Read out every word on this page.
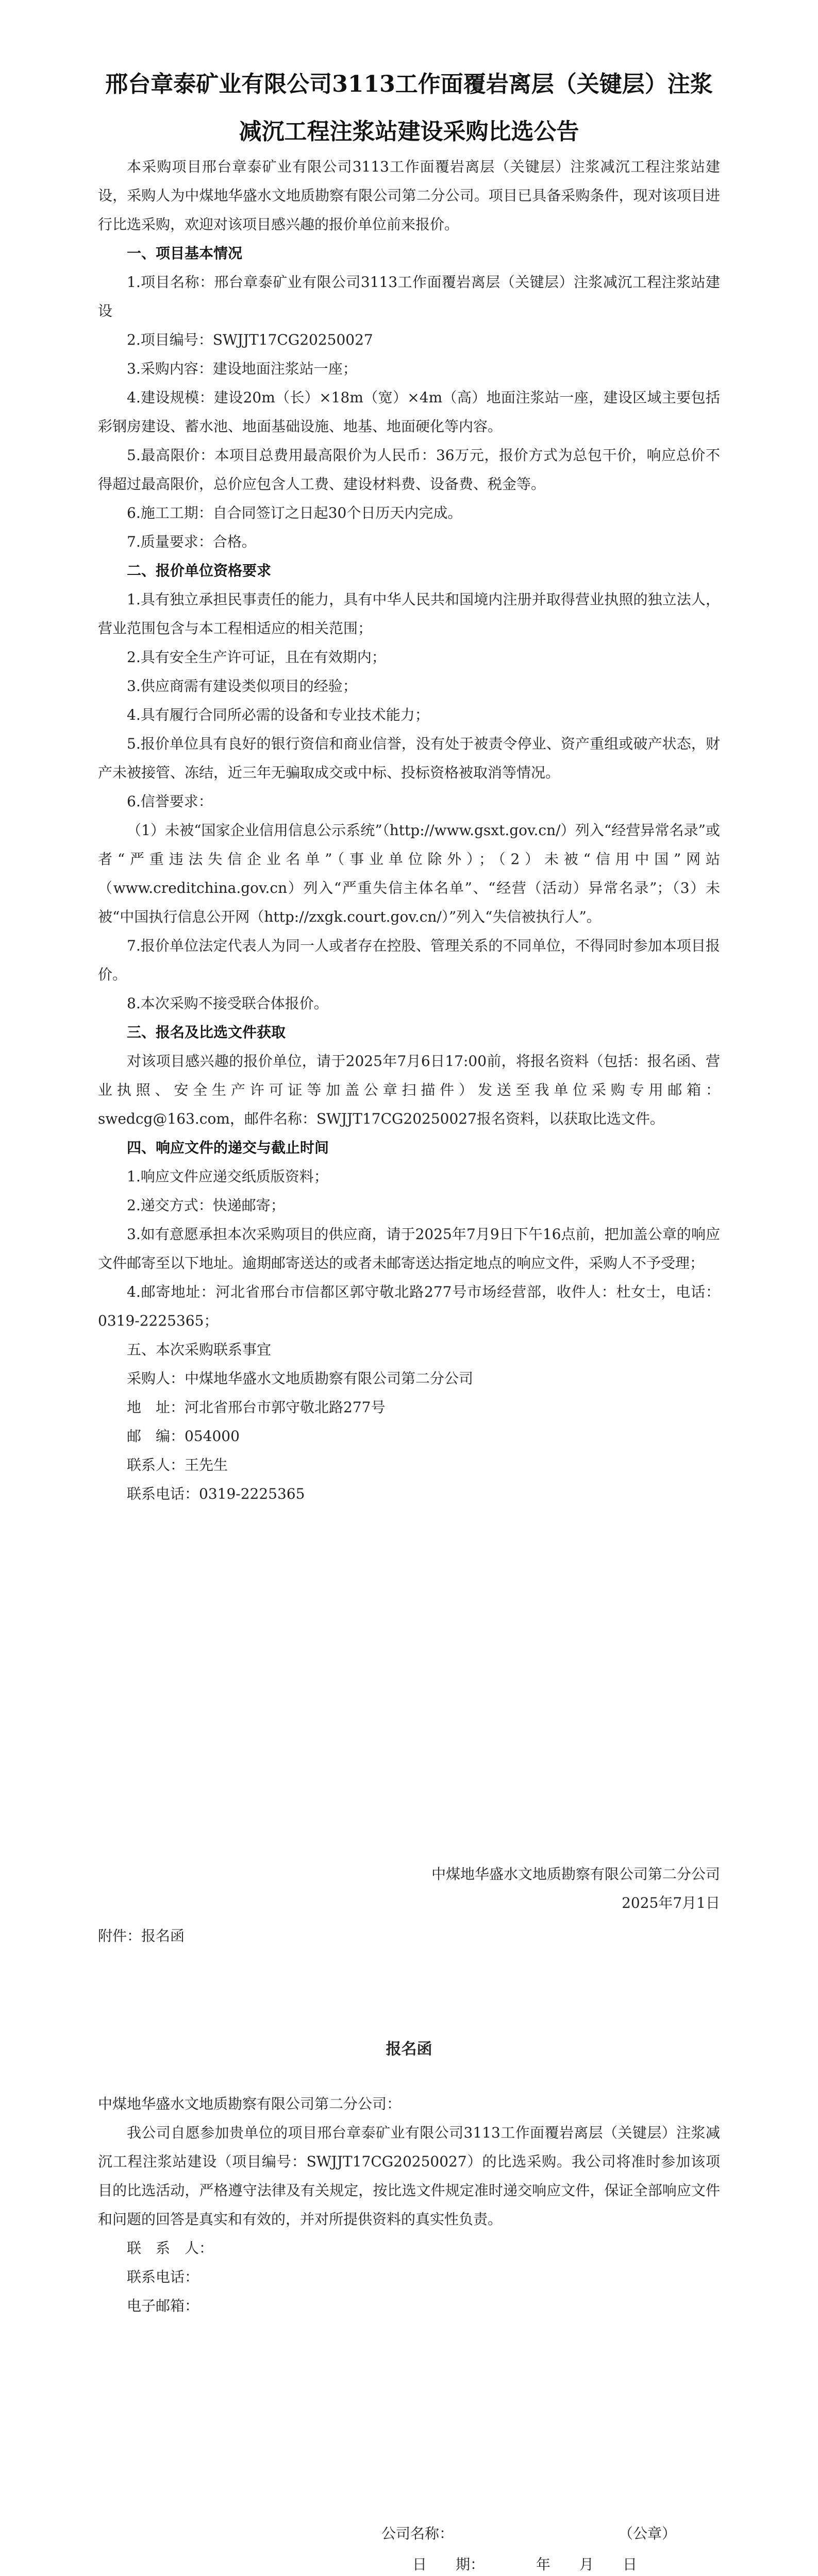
邢台章泰矿业有限公司3113工作面覆岩离层（关键层）注浆减沉工程注浆站建设采购比选公告

本采购项目邢台章泰矿业有限公司3113工作面覆岩离层（关键层）注浆减沉工程注浆站建设，采购人为中煤地华盛水文地质勘察有限公司第二分公司。项目已具备采购条件，现对该项目进行比选采购，欢迎对该项目感兴趣的报价单位前来报价。

一、项目基本情况

1.项目名称：邢台章泰矿业有限公司3113工作面覆岩离层（关键层）注浆减沉工程注浆站建设

2.项目编号：SWJJT17CG20250027

3.采购内容：建设地面注浆站一座；

4.建设规模：建设20m（长）×18m（宽）×4m（高）地面注浆站一座，建设区域主要包括彩钢房建设、蓄水池、地面基础设施、地基、地面硬化等内容。

5.最高限价：本项目总费用最高限价为人民币：36万元，报价方式为总包干价，响应总价不得超过最高限价，总价应包含人工费、建设材料费、设备费、税金等。

6.施工工期：自合同签订之日起30个日历天内完成。

7.质量要求：合格。

二、报价单位资格要求

1.具有独立承担民事责任的能力，具有中华人民共和国境内注册并取得营业执照的独立法人，营业范围包含与本工程相适应的相关范围；

2.具有安全生产许可证，且在有效期内；

3.供应商需有建设类似项目的经验；

4.具有履行合同所必需的设备和专业技术能力；

5.报价单位具有良好的银行资信和商业信誉，没有处于被责令停业、资产重组或破产状态，财产未被接管、冻结，近三年无骗取成交或中标、投标资格被取消等情况。

6.信誉要求：

（1）未被“国家企业信用信息公示系统”（http://www.gsxt.gov.cn/）列入“经营异常名录”或者“严重违法失信企业名单”（事业单位除外）；（2）未被“信用中国”网站（www.creditchina.gov.cn）列入“严重失信主体名单”、“经营（活动）异常名录”；（3）未被“中国执行信息公开网（http://zxgk.court.gov.cn/）”列入“失信被执行人”。

7.报价单位法定代表人为同一人或者存在控股、管理关系的不同单位，不得同时参加本项目报价。

8.本次采购不接受联合体报价。

三、报名及比选文件获取

对该项目感兴趣的报价单位，请于2025年7月6日17:00前，将报名资料（包括：报名函、营业执照、安全生产许可证等加盖公章扫描件）发送至我单位采购专用邮箱：swedcg@163.com，邮件名称：SWJJT17CG20250027报名资料，以获取比选文件。

四、响应文件的递交与截止时间

1.响应文件应递交纸质版资料；

2.递交方式：快递邮寄；

3.如有意愿承担本次采购项目的供应商，请于2025年7月9日下午16点前，把加盖公章的响应文件邮寄至以下地址。逾期邮寄送达的或者未邮寄送达指定地点的响应文件，采购人不予受理；

4.邮寄地址：河北省邢台市信都区郭守敬北路277号市场经营部，收件人：杜女士，电话：0319-2225365；

五、本次采购联系事宜

采购人：中煤地华盛水文地质勘察有限公司第二分公司

地　址：河北省邢台市郭守敬北路277号

邮　编：054000

联系人：王先生

联系电话：0319-2225365

中煤地华盛水文地质勘察有限公司第二分公司
2025年7月1日
附件：报名函
报名函

中煤地华盛水文地质勘察有限公司第二分公司：

我公司自愿参加贵单位的项目邢台章泰矿业有限公司3113工作面覆岩离层（关键层）注浆减沉工程注浆站建设（项目编号：SWJJT17CG20250027）的比选采购。我公司将准时参加该项目的比选活动，严格遵守法律及有关规定，按比选文件规定准时递交响应文件，保证全部响应文件和问题的回答是真实和有效的，并对所提供资料的真实性负责。

联　系　人：

联系电话：

电子邮箱：

公司名称：	（公章）
日　　期：	年　　月　　日
